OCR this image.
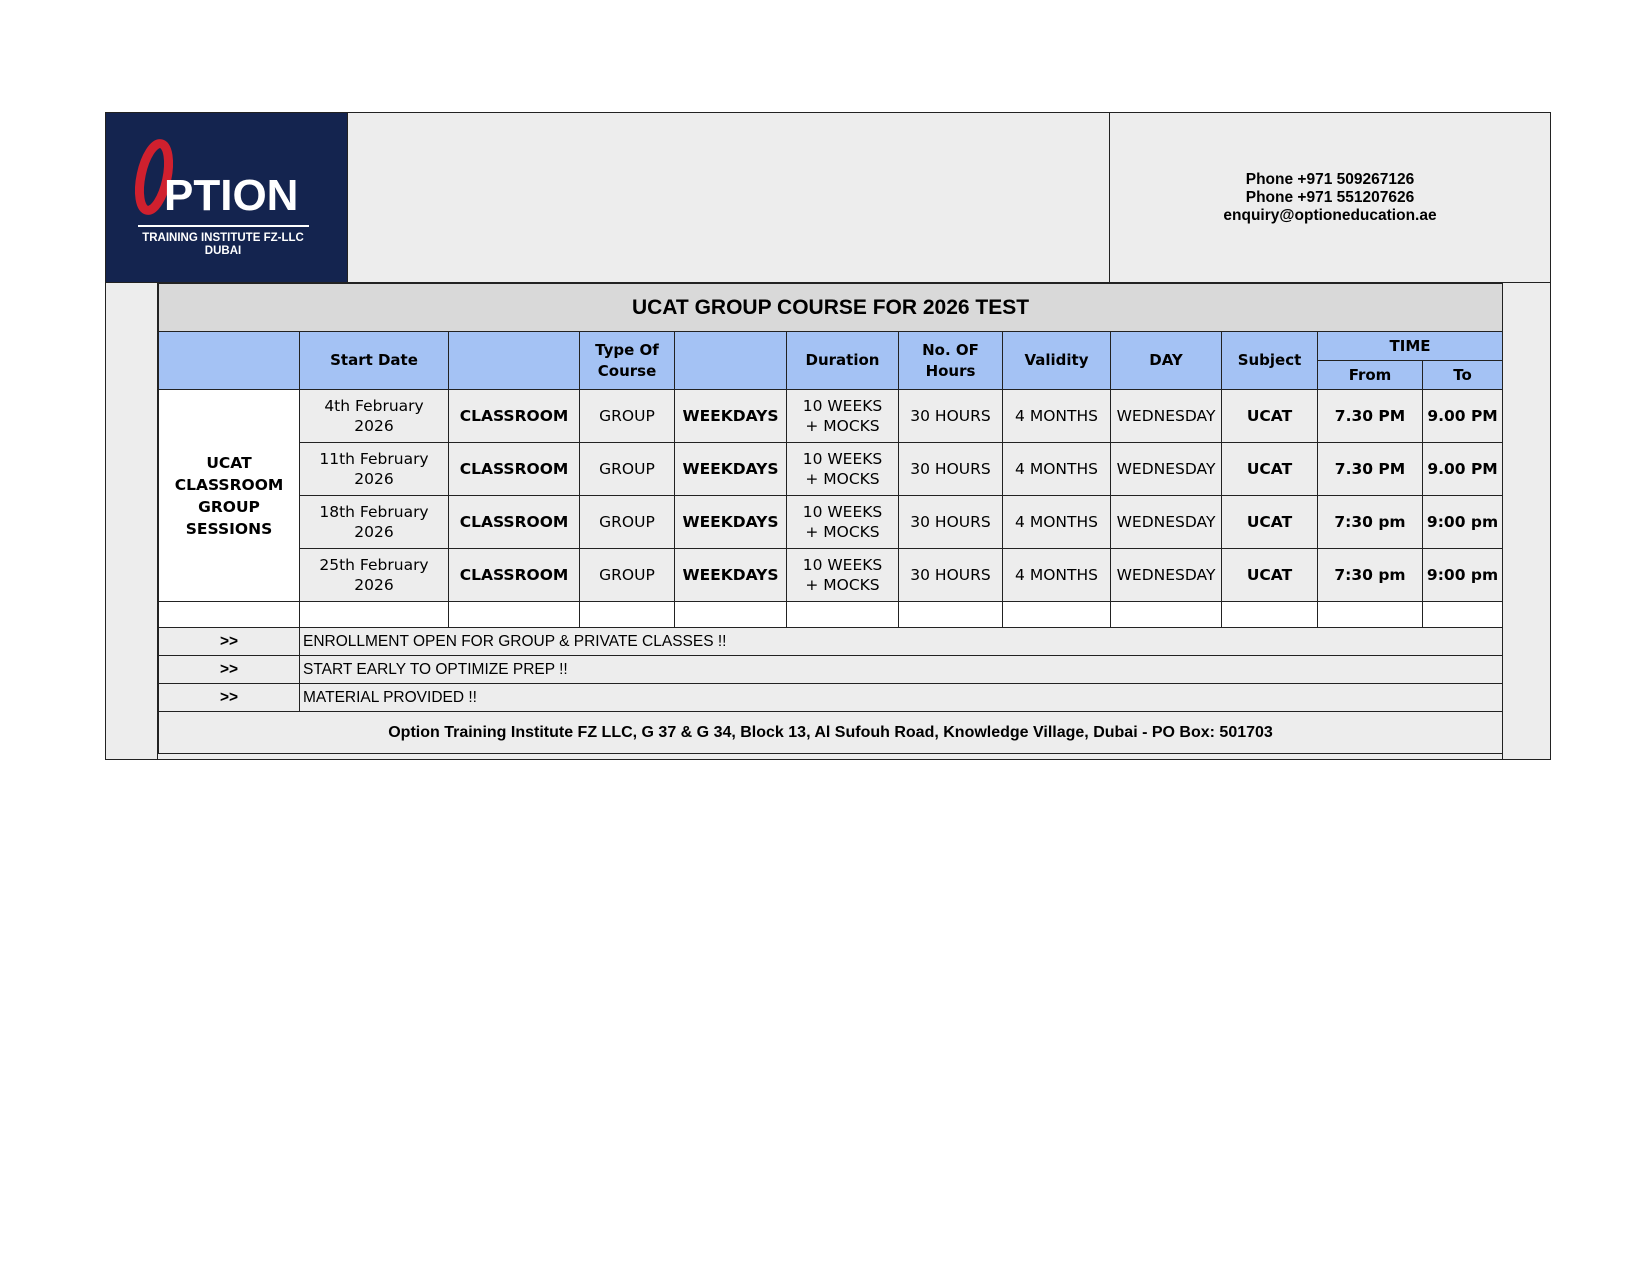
PTION
TRAINING INSTITUTE FZ-LLC
DUBAI
Phone +971 509267126
Phone +971 551207626
enquiry@optioneducation.ae
UCAT GROUP COURSE FOR 2026 TEST											
	Start Date		Type Of Course		Duration	No. OF Hours	Validity	DAY	Subject	TIME	
										From	To
UCAT CLASSROOM GROUP SESSIONS	4th February 2026	CLASSROOM	GROUP	WEEKDAYS	10 WEEKS + MOCKS	30 HOURS	4 MONTHS	WEDNESDAY	UCAT	7.30 PM	9.00 PM
	11th February 2026	CLASSROOM	GROUP	WEEKDAYS	10 WEEKS + MOCKS	30 HOURS	4 MONTHS	WEDNESDAY	UCAT	7.30 PM	9.00 PM
	18th February 2026	CLASSROOM	GROUP	WEEKDAYS	10 WEEKS + MOCKS	30 HOURS	4 MONTHS	WEDNESDAY	UCAT	7:30 pm	9:00 pm
	25th February 2026	CLASSROOM	GROUP	WEEKDAYS	10 WEEKS + MOCKS	30 HOURS	4 MONTHS	WEDNESDAY	UCAT	7:30 pm	9:00 pm

>>	ENROLLMENT OPEN FOR GROUP & PRIVATE CLASSES !!										
>>	START EARLY TO OPTIMIZE PREP !!										
>>	MATERIAL PROVIDED !!										
Option Training Institute FZ LLC, G 37 & G 34, Block 13, Al Sufouh Road, Knowledge Village, Dubai - PO Box: 501703											
